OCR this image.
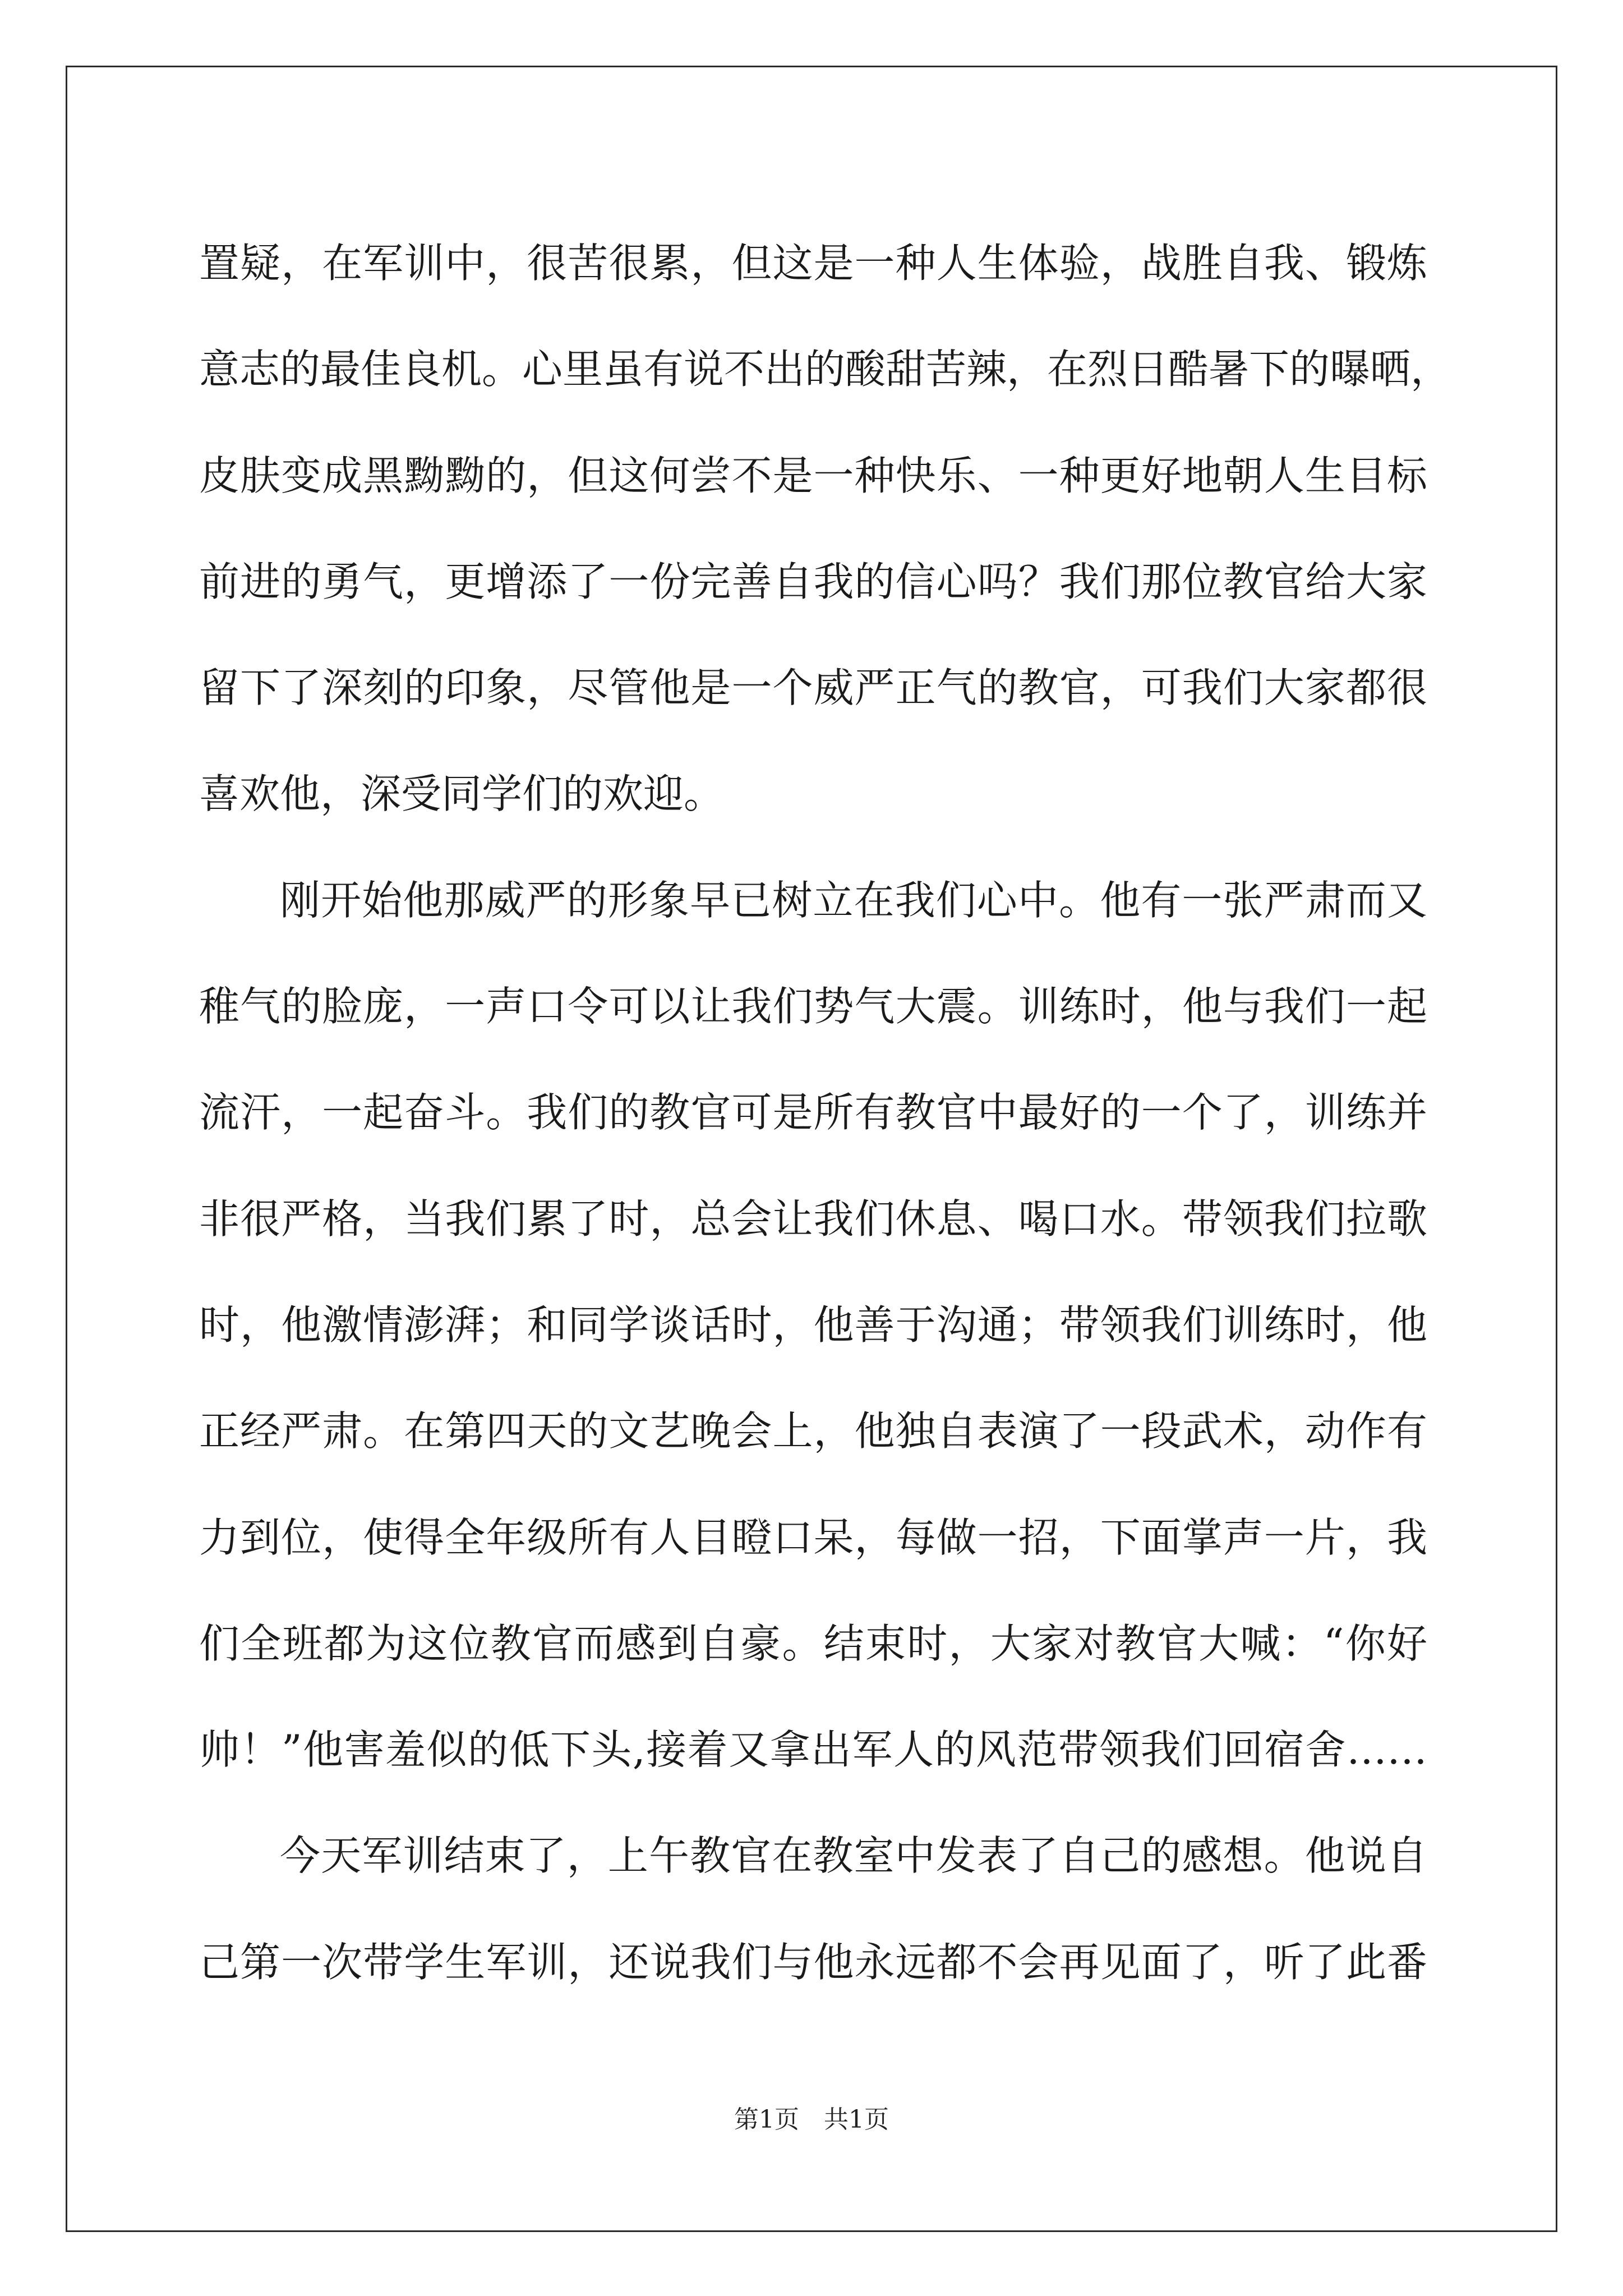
置疑，在军训中，很苦很累，但这是一种人生体验，战胜自我、锻炼
意志的最佳良机。心里虽有说不出的酸甜苦辣，在烈日酷暑下的曝晒，
皮肤变成黑黝黝的，但这何尝不是一种快乐、一种更好地朝人生目标
前进的勇气，更增添了一份完善自我的信心吗？我们那位教官给大家
留下了深刻的印象，尽管他是一个威严正气的教官，可我们大家都很
喜欢他，深受同学们的欢迎。
刚开始他那威严的形象早已树立在我们心中。他有一张严肃而又
稚气的脸庞，一声口令可以让我们势气大震。训练时，他与我们一起
流汗，一起奋斗。我们的教官可是所有教官中最好的一个了，训练并
非很严格，当我们累了时，总会让我们休息、喝口水。带领我们拉歌
时，他激情澎湃；和同学谈话时，他善于沟通；带领我们训练时，他
正经严肃。在第四天的文艺晚会上，他独自表演了一段武术，动作有
力到位，使得全年级所有人目瞪口呆，每做一招，下面掌声一片，我
们全班都为这位教官而感到自豪。结束时，大家对教官大喊：“你好
帅！”他害羞似的低下头,接着又拿出军人的风范带领我们回宿舍……
今天军训结束了，上午教官在教室中发表了自己的感想。他说自
己第一次带学生军训，还说我们与他永远都不会再见面了，听了此番
第1页　共1页
